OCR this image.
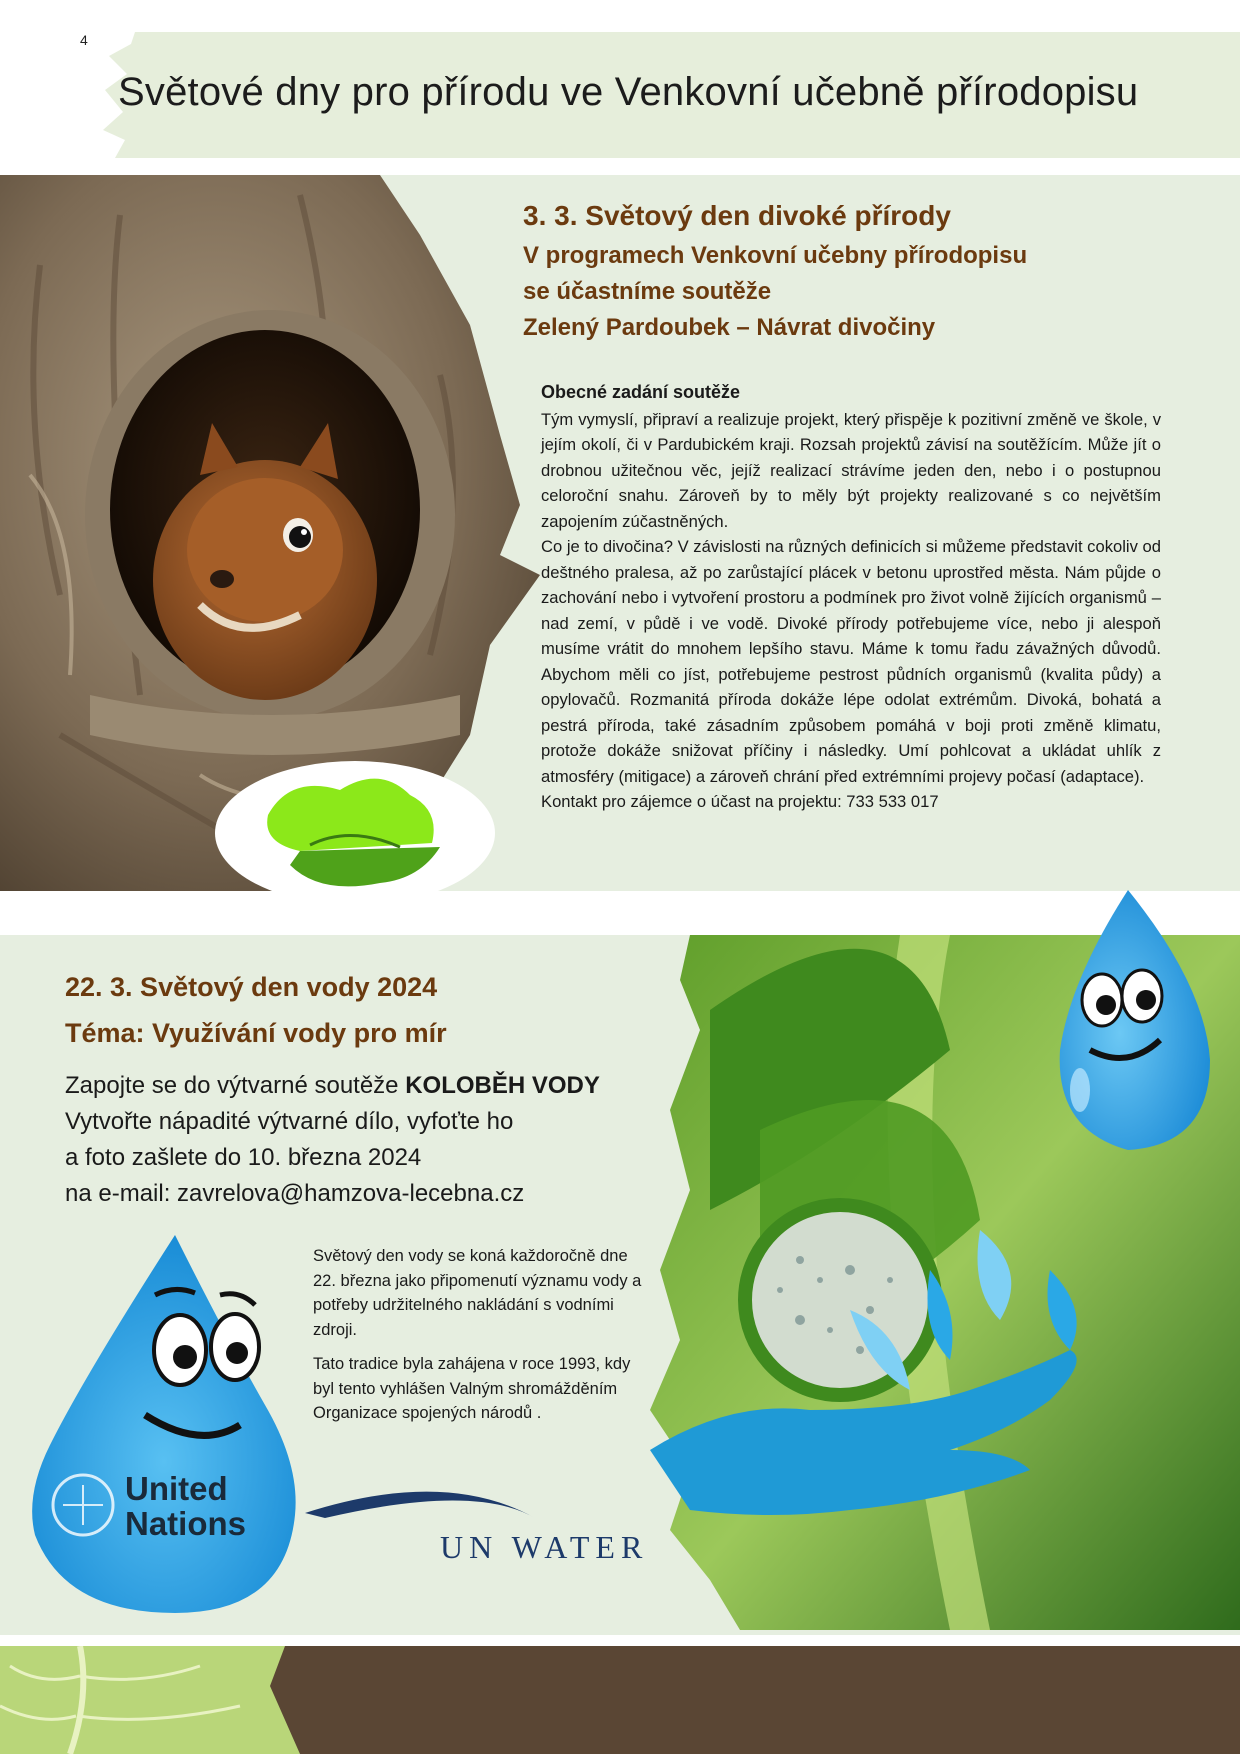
4
Světové dny pro přírodu ve Venkovní učebně přírodopisu
3. 3. Světový den divoké přírody
V programech Venkovní učebny přírodopisu
se účastníme soutěže
Zelený Pardoubek – Návrat divočiny
Obecné zadání soutěže

Tým vymyslí, připraví a realizuje projekt, který přispěje k pozitivní změně ve škole, v jejím okolí, či v Pardubickém kraji. Rozsah projektů závisí na soutěžícím. Může jít o drobnou užitečnou věc, jejíž realizací strávíme jeden den, nebo i o postupnou celoroční snahu. Zároveň by to měly být projekty realizované s co největším zapojením zúčastněných.

Co je to divočina? V závislosti na různých definicích si můžeme představit cokoliv od deštného pralesa, až po zarůstající plácek v betonu uprostřed města. Nám půjde o zachování nebo i vytvoření prostoru a podmínek pro život volně žijících organismů – nad zemí, v půdě i ve vodě. Divoké přírody potřebujeme více, nebo ji alespoň musíme vrátit do mnohem lepšího stavu. Máme k tomu řadu závažných důvodů. Abychom měli co jíst, potřebujeme pestrost půdních organismů (kvalita půdy) a opylovačů. Rozmanitá příroda dokáže lépe odolat extrémům. Divoká, bohatá a pestrá příroda, také zásadním způsobem pomáhá v boji proti změně klimatu, protože dokáže snižovat příčiny i následky. Umí pohlcovat a ukládat uhlík z atmosféry (mitigace) a zároveň chrání před extrémními projevy počasí (adaptace).

Kontakt pro zájemce o účast na projektu: 733 533 017

22. 3. Světový den vody 2024
Téma: Využívání vody pro mír
Zapojte se do výtvarné soutěže KOLOBĚH VODY
Vytvořte nápadité výtvarné dílo, vyfoťte ho
a foto zašlete do 10. března 2024
na e-mail: zavrelova@hamzova-lecebna.cz

Světový den vody se koná každoročně dne 22. března jako připomenutí významu vody a potřeby udržitelného nakládání s vodními zdroji.

Tato tradice byla zahájena v roce 1993, kdy byl tento vyhlášen Valným shromážděním Organizace spojených národů .

United
Nations
UN WATER
